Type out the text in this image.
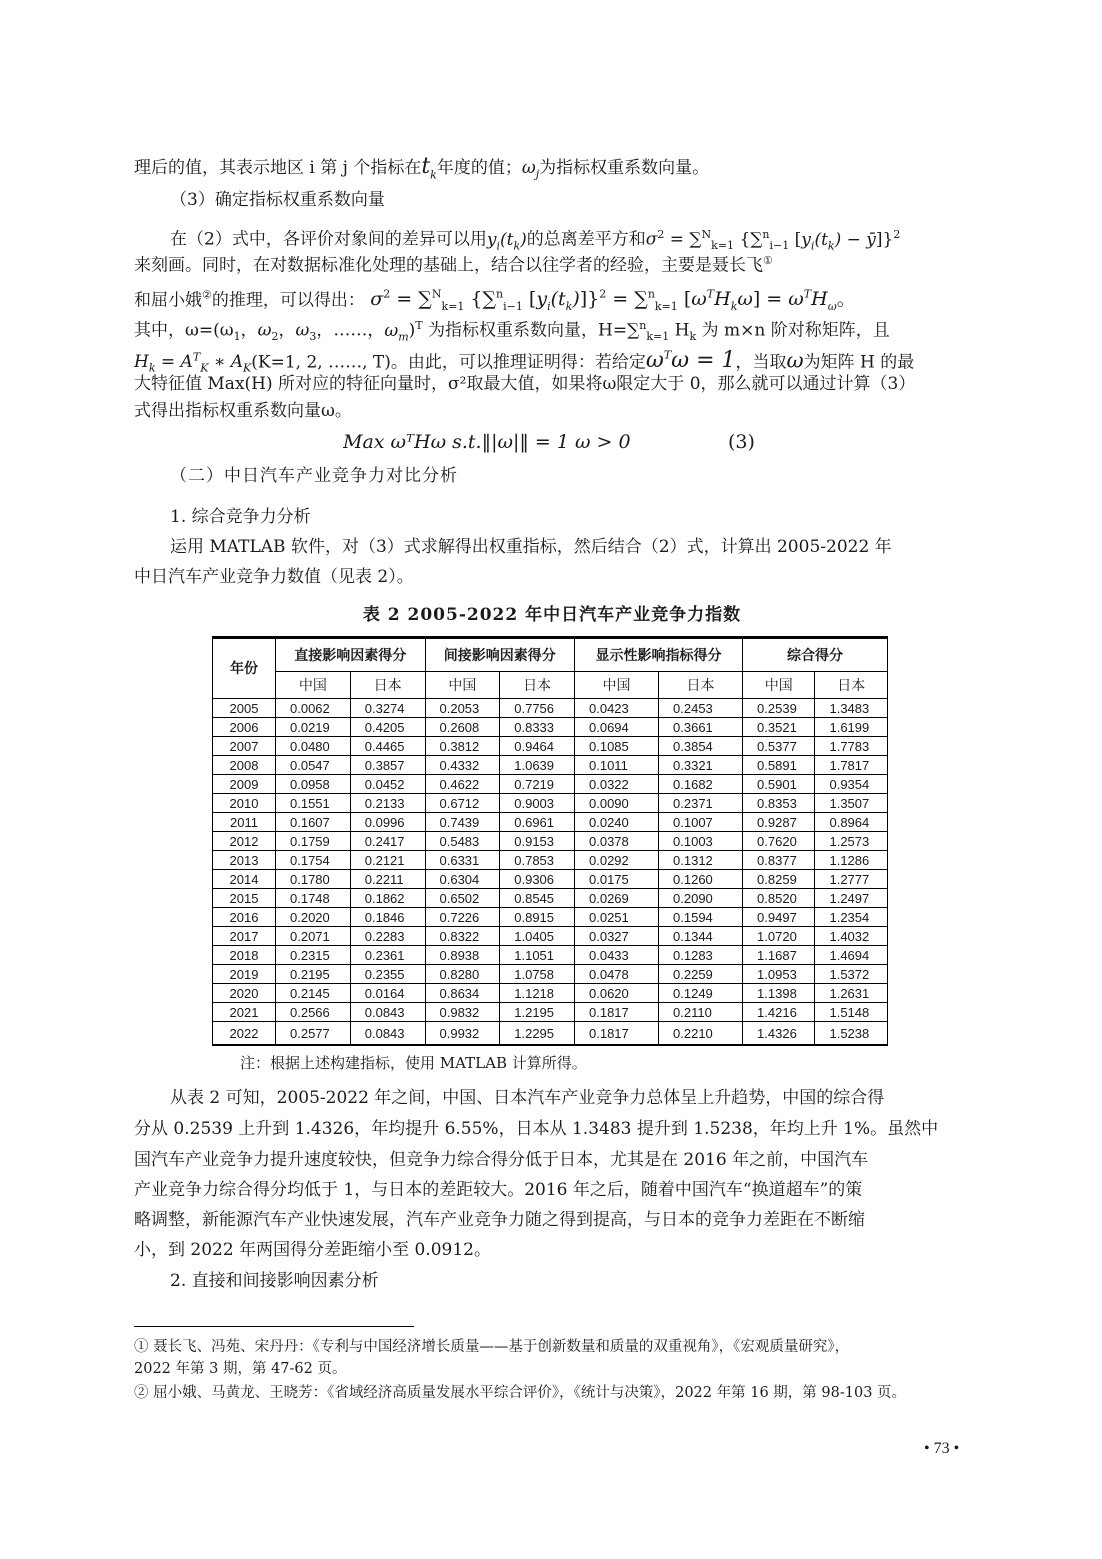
理后的值，其表示地区 i 第 j 个指标在$t_k$年度的值；$\omega_j$为指标权重系数向量。
（3）确定指标权重系数向量
在（2）式中，各评价对象间的差异可以用$y_i(t_k)$的总离差平方和$\sigma^2 = \sum^N_{k=1}$ {∑$^n_{i-1}$ [$y_i(t_k)$ − ȳ]}$^2$
来刻画。同时，在对数据标准化处理的基础上，结合以往学者的经验，主要是聂长飞①
和屈小娥②的推理，可以得出： $\sigma^2 = \sum^N_{k=1}$ {∑$^n_{i-1}$ $[y_i(t_k)]\}^2 = \sum^n_{k=1}$ $[\omega^TH_k\omega] = \omega^TH_\omega$。
其中，$\omega=(\omega_1$，$\omega_2$，$\omega_3$，……，$\omega_m)^T$ 为指标权重系数向量，H=∑$^n_{k=1}$ $H_k$ 为 m×n 阶对称矩阵，且
$H_k = A^T_K$ ∗ $A_K(K=1$, 2, ……, T)。由此，可以推理证明得：若给定$\omega^T\omega = 1$，当取ω为矩阵 H 的最
大特征值 Max(H) 所对应的特征向量时，σ²取最大值，如果将ω限定大于 0，那么就可以通过计算（3）
式得出指标权重系数向量ω。
Max ωᵀHω s.t.‖|ω|‖ = 1 ω > 0	(3)
（二）中日汽车产业竞争力对比分析
1. 综合竞争力分析
运用 MATLAB 软件，对（3）式求解得出权重指标，然后结合（2）式，计算出 2005-2022 年
中日汽车产业竞争力数值（见表 2）。
表 2 2005-2022 年中日汽车产业竞争力指数
年份	直接影响因素得分		间接影响因素得分		显示性影响指标得分		综合得分	
	中国	日本	中国	日本	中国	日本	中国	日本
2005	0.0062	0.3274	0.2053	0.7756	0.0423	0.2453	0.2539	1.3483
2006	0.0219	0.4205	0.2608	0.8333	0.0694	0.3661	0.3521	1.6199
2007	0.0480	0.4465	0.3812	0.9464	0.1085	0.3854	0.5377	1.7783
2008	0.0547	0.3857	0.4332	1.0639	0.1011	0.3321	0.5891	1.7817
2009	0.0958	0.0452	0.4622	0.7219	0.0322	0.1682	0.5901	0.9354
2010	0.1551	0.2133	0.6712	0.9003	0.0090	0.2371	0.8353	1.3507
2011	0.1607	0.0996	0.7439	0.6961	0.0240	0.1007	0.9287	0.8964
2012	0.1759	0.2417	0.5483	0.9153	0.0378	0.1003	0.7620	1.2573
2013	0.1754	0.2121	0.6331	0.7853	0.0292	0.1312	0.8377	1.1286
2014	0.1780	0.2211	0.6304	0.9306	0.0175	0.1260	0.8259	1.2777
2015	0.1748	0.1862	0.6502	0.8545	0.0269	0.2090	0.8520	1.2497
2016	0.2020	0.1846	0.7226	0.8915	0.0251	0.1594	0.9497	1.2354
2017	0.2071	0.2283	0.8322	1.0405	0.0327	0.1344	1.0720	1.4032
2018	0.2315	0.2361	0.8938	1.1051	0.0433	0.1283	1.1687	1.4694
2019	0.2195	0.2355	0.8280	1.0758	0.0478	0.2259	1.0953	1.5372
2020	0.2145	0.0164	0.8634	1.1218	0.0620	0.1249	1.1398	1.2631
2021	0.2566	0.0843	0.9832	1.2195	0.1817	0.2110	1.4216	1.5148
2022	0.2577	0.0843	0.9932	1.2295	0.1817	0.2210	1.4326	1.5238
注：根据上述构建指标，使用 MATLAB 计算所得。
从表 2 可知，2005-2022 年之间，中国、日本汽车产业竞争力总体呈上升趋势，中国的综合得
分从 0.2539 上升到 1.4326，年均提升 6.55%，日本从 1.3483 提升到 1.5238，年均上升 1%。虽然中
国汽车产业竞争力提升速度较快，但竞争力综合得分低于日本，尤其是在 2016 年之前，中国汽车
产业竞争力综合得分均低于 1，与日本的差距较大。2016 年之后，随着中国汽车“换道超车”的策
略调整，新能源汽车产业快速发展，汽车产业竞争力随之得到提高，与日本的竞争力差距在不断缩
小，到 2022 年两国得分差距缩小至 0.0912。
2. 直接和间接影响因素分析
① 聂长飞、冯苑、宋丹丹：《专利与中国经济增长质量——基于创新数量和质量的双重视角》，《宏观质量研究》，
2022 年第 3 期，第 47-62 页。
② 屈小娥、马黄龙、王晓芳：《省域经济高质量发展水平综合评价》，《统计与决策》，2022 年第 16 期，第 98-103 页。
• 73 •
